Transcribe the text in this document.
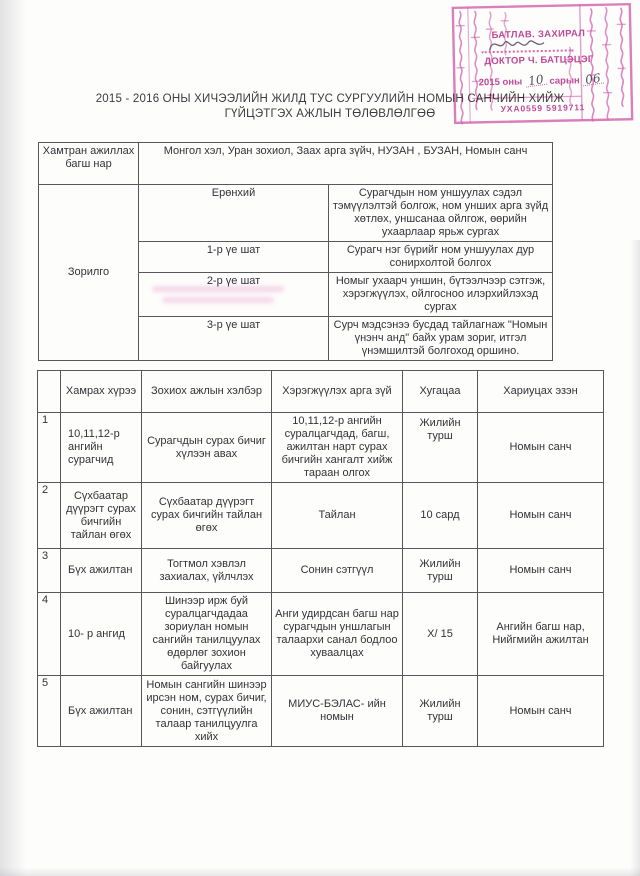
2015 - 2016 ОНЫ ХИЧЭЭЛИЙН ЖИЛД ТУС СУРГУУЛИЙН НОМЫН САНЧИЙН ХИЙЖ
ГҮЙЦЭТГЭХ АЖЛЫН ТӨЛӨВЛӨЛГӨӨ
Хамтран ажиллах багш нар	Монгол хэл, Уран зохиол, Заах арга зүйч, НУЗАН , БУЗАН, Номын санч	
Зорилго	Ерөнхий	Сурагчдын ном уншуулах сэдэл тэмүүлэлтэй болгож, ном унших арга зүйд хөтлөх, уншсанаа ойлгож, өөрийн ухаарлаар ярьж сургах
	1-р үе шат	Сурагч нэг бүрийг ном уншуулах дур сонирхолтой болгох
	2-р үе шат	Номыг ухаарч уншин, бүтээлчээр сэтгэж, хэрэгжүүлэх, ойлгосноо илэрхийлэхэд сургах
	3-р үе шат	Сурч мэдсэнээ бусдад тайлагнаж "Номын үнэнч анд" байх урам зориг, итгэл үнэмшилтэй болгоход оршино.
	Хамрах хүрээ	Зохиох ажлын хэлбэр	Хэрэгжүүлэх арга зүй	Хугацаа	Хариуцах эзэн
1	10,11,12-р ангийн сурагчид	Сурагчдын сурах бичиг хүлээн авах	10,11,12-р ангийн суралцагчдад, багш, ажилтан нарт сурах бичгийн хангалт хийж тараан олгох	Жилийн турш	Номын санч
2	Сүхбаатар дүүрэгт сурах бичгийн тайлан өгөх	Сүхбаатар дүүрэгт сурах бичгийн тайлан өгөх	Тайлан	10 сард	Номын санч
3	Бүх ажилтан	Тогтмол хэвлэл захиалах, үйлчлэх	Сонин сэтгүүл	Жилийн турш	Номын санч
4	10- р ангид	Шинээр ирж буй суралцагчдадаа зориулан номын сангийн танилцуулах өдөрлөг зохион байгуулах	Анги удирдсан багш нар сурагчдын уншлагын талаархи санал бодлоо хуваалцах	Х/ 15	Ангийн багш нар, Нийгмийн ажилтан
5	Бүх ажилтан	Номын сангийн шинээр ирсэн ном, сурах бичиг, сонин, сэтгүүлийн талаар танилцуулга хийх	МИУС-БЭЛАС- ийн номын	Жилийн турш	Номын санч
БАТЛАВ. ЗАХИРАЛ
ДОКТОР Ч. БАТЦЭЦЭГ
2015 оны 10 сарын 06
УХА0559 5919711
